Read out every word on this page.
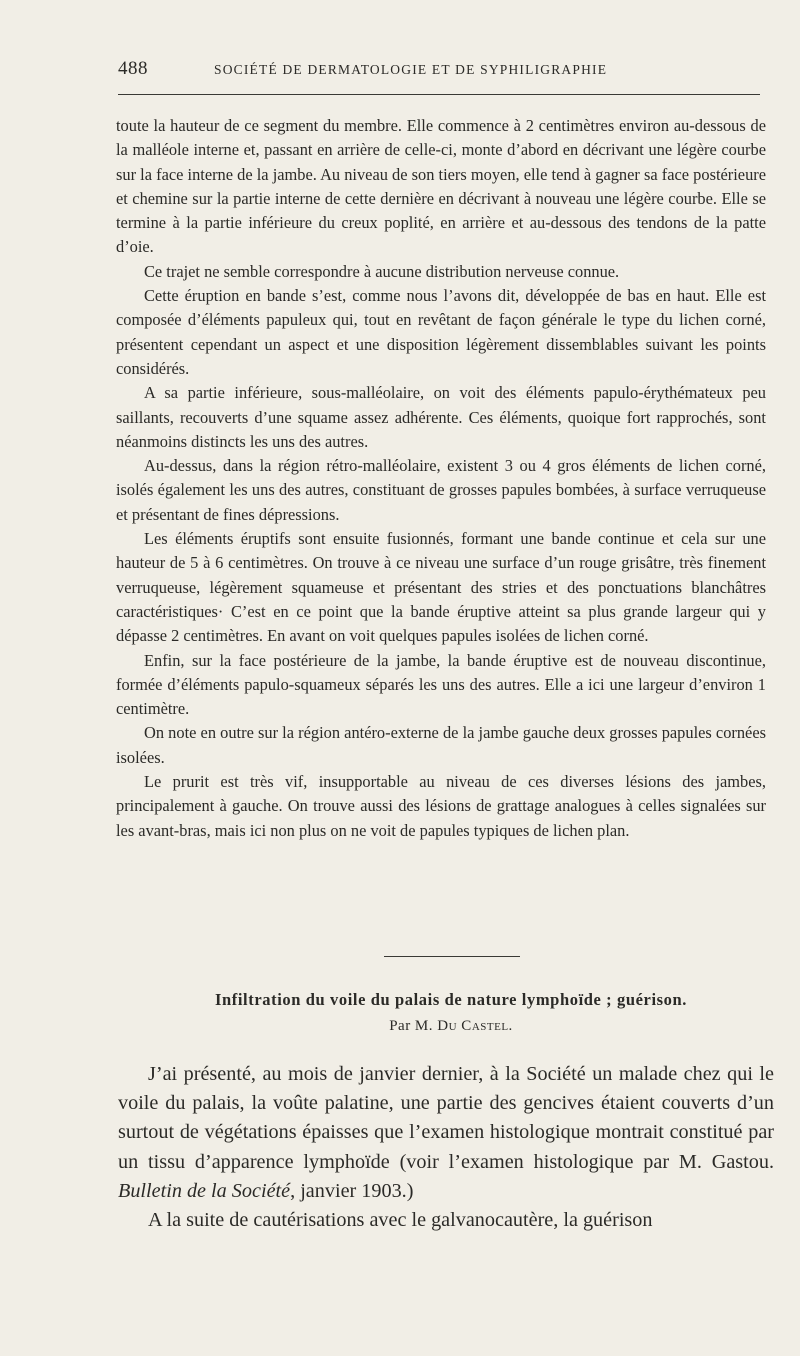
488	SOCIÉTÉ DE DERMATOLOGIE ET DE SYPHILIGRAPHIE

toute la hauteur de ce segment du membre. Elle commence à 2 centimètres environ au-dessous de la malléole interne et, passant en arrière de celle-ci, monte d’abord en décrivant une légère courbe sur la face interne de la jambe. Au niveau de son tiers moyen, elle tend à gagner sa face postérieure et chemine sur la partie interne de cette dernière en décrivant à nouveau une légère courbe. Elle se termine à la partie inférieure du creux poplité, en arrière et au-dessous des tendons de la patte d’oie.

Ce trajet ne semble correspondre à aucune distribution nerveuse connue.

Cette éruption en bande s’est, comme nous l’avons dit, développée de bas en haut. Elle est composée d’éléments papuleux qui, tout en revêtant de façon générale le type du lichen corné, présentent cependant un aspect et une disposition légèrement dissemblables suivant les points considérés.

A sa partie inférieure, sous-malléolaire, on voit des éléments papulo-érythémateux peu saillants, recouverts d’une squame assez adhérente. Ces éléments, quoique fort rapprochés, sont néanmoins distincts les uns des autres.

Au-dessus, dans la région rétro-malléolaire, existent 3 ou 4 gros éléments de lichen corné, isolés également les uns des autres, constituant de grosses papules bombées, à surface verruqueuse et présentant de fines dépressions.

Les éléments éruptifs sont ensuite fusionnés, formant une bande continue et cela sur une hauteur de 5 à 6 centimètres. On trouve à ce niveau une surface d’un rouge grisâtre, très finement verruqueuse, légèrement squameuse et présentant des stries et des ponctuations blanchâtres caractéristiques· C’est en ce point que la bande éruptive atteint sa plus grande largeur qui y dépasse 2 centimètres. En avant on voit quelques papules isolées de lichen corné.

Enfin, sur la face postérieure de la jambe, la bande éruptive est de nouveau discontinue, formée d’éléments papulo-squameux séparés les uns des autres. Elle a ici une largeur d’environ 1 centimètre.

On note en outre sur la région antéro-externe de la jambe gauche deux grosses papules cornées isolées.

Le prurit est très vif, insupportable au niveau de ces diverses lésions des jambes, principalement à gauche. On trouve aussi des lésions de grattage analogues à celles signalées sur les avant-bras, mais ici non plus on ne voit de papules typiques de lichen plan.

Infiltration du voile du palais de nature lymphoïde ; guérison.
Par M. Du Castel.

J’ai présenté, au mois de janvier dernier, à la Société un malade chez qui le voile du palais, la voûte palatine, une partie des gencives étaient couverts d’un surtout de végétations épaisses que l’examen histologique montrait constitué par un tissu d’apparence lymphoïde (voir l’examen histologique par M. Gastou. Bulletin de la Société, janvier 1903.)

A la suite de cautérisations avec le galvanocautère, la guérison
